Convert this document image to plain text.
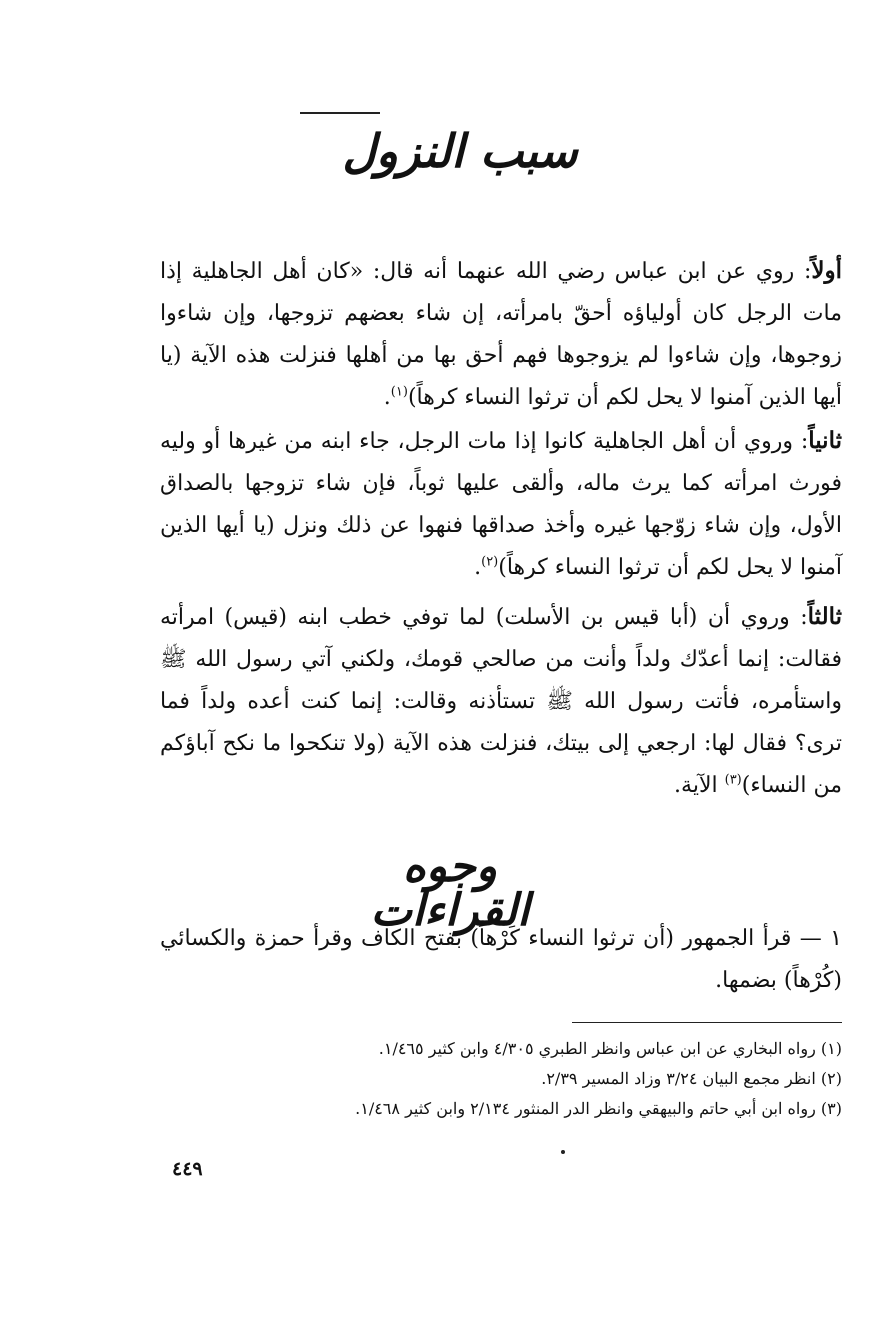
سبب النزول
أولاً: روي عن ابن عباس رضي الله عنهما أنه قال: «كان أهل الجاهلية إذا مات الرجل كان أولياؤه أحقّ بامرأته، إن شاء بعضهم تزوجها، وإن شاءوا زوجوها، وإن شاءوا لم يزوجوها فهم أحق بها من أهلها فنزلت هذه الآية (يا أيها الذين آمنوا لا يحل لكم أن ترثوا النساء كرهاً)$^{(١)}$.
ثانياً: وروي أن أهل الجاهلية كانوا إذا مات الرجل، جاء ابنه من غيرها أو وليه فورث امرأته كما يرث ماله، وألقى عليها ثوباً، فإن شاء تزوجها بالصداق الأول، وإن شاء زوّجها غيره وأخذ صداقها فنهوا عن ذلك ونزل (يا أيها الذين آمنوا لا يحل لكم أن ترثوا النساء كرهاً)$^{(٢)}$.
ثالثاً: وروي أن (أبا قيس بن الأسلت) لما توفي خطب ابنه (قيس) امرأته فقالت: إنما أعدّك ولداً وأنت من صالحي قومك، ولكني آتي رسول الله ﷺ واستأمره، فأتت رسول الله ﷺ تستأذنه وقالت: إنما كنت أعده ولداً فما ترى؟ فقال لها: ارجعي إلى بيتك، فنزلت هذه الآية (ولا تنكحوا ما نكح آباؤكم من النساء)$^{(٣)}$ الآية.
وجوه القراءات
١ — قرأ الجمهور (أن ترثوا النساء كَرْهاً) بفتح الكاف وقرأ حمزة والكسائي (كُرْهاً) بضمها.
(١) رواه البخاري عن ابن عباس وانظر الطبري ٤/٣٠٥ وابن كثير ١/٤٦٥.
(٢) انظر مجمع البيان ٣/٢٤ وزاد المسير ٢/٣٩.
(٣) رواه ابن أبي حاتم والبيهقي وانظر الدر المنثور ٢/١٣٤ وابن كثير ١/٤٦٨.
٤٤٩
